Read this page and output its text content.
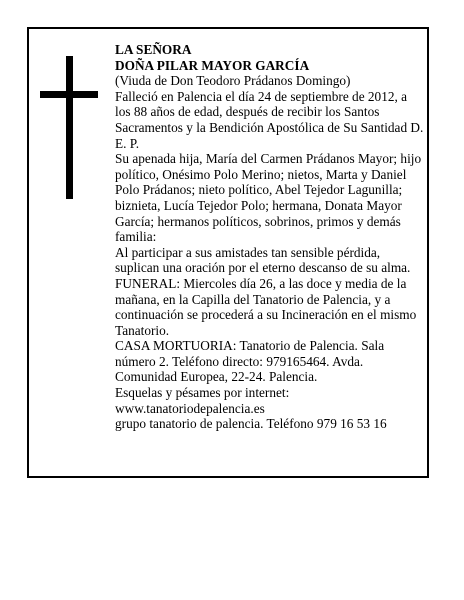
LA SEÑORA

DOÑA PILAR MAYOR GARCÍA

(Viuda de Don Teodoro Prádanos Domingo)

Falleció en Palencia el día 24 de septiembre de 2012, a los 88 años de edad, después de recibir los Santos Sacramentos y la Bendición Apostólica de Su Santidad D. E. P.

Su apenada hija, María del Carmen Prádanos Mayor; hijo político, Onésimo Polo Merino; nietos, Marta y Daniel Polo Prádanos; nieto político, Abel Tejedor Lagunilla; biznieta, Lucía Tejedor Polo; hermana, Donata Mayor García; hermanos políticos, sobrinos, primos y demás familia:

Al participar a sus amistades tan sensible pérdida, suplican una oración por el eterno descanso de su alma.

FUNERAL: Miercoles día 26, a las doce y media de la mañana, en la Capilla del Tanatorio de Palencia, y a continuación se procederá a su Incineración en el mismo Tanatorio.

CASA MORTUORIA: Tanatorio de Palencia. Sala número 2. Teléfono directo: 979165464. Avda. Comunidad Europea, 22-24. Palencia.

Esquelas y pésames por internet:

www.tanatoriodepalencia.es

grupo tanatorio de palencia. Teléfono 979 16 53 16
